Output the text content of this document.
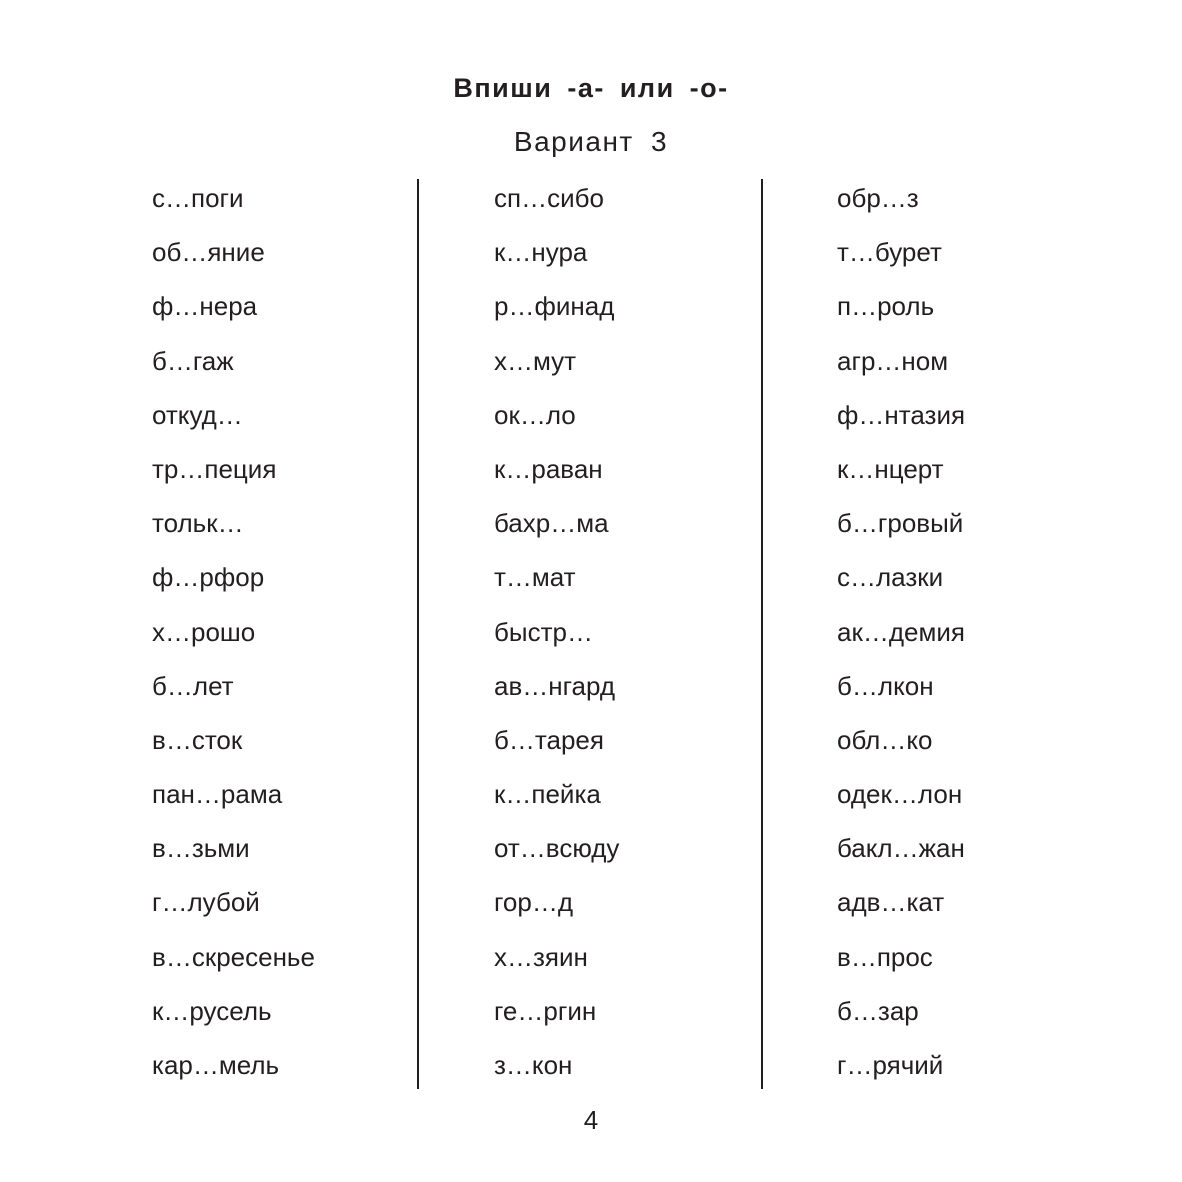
Впиши -а- или -о-
Вариант 3
с…поги
об…яние
ф…нера
б…гаж
откуд…
тр…пеция
тольк…
ф…рфор
х…рошо
б…лет
в…сток
пан…рама
в…зьми
г…лубой
в…скресенье
к…русель
кар…мель
сп…сибо
к…нура
р…финад
х…мут
ок…ло
к…раван
бахр…ма
т…мат
быстр…
ав…нгард
б…тарея
к…пейка
от…всюду
гор…д
х…зяин
ге…ргин
з…кон
обр…з
т…бурет
п…роль
агр…ном
ф…нтазия
к…нцерт
б…гровый
с…лазки
ак…демия
б…лкон
обл…ко
одек…лон
бакл…жан
адв…кат
в…прос
б…зар
г…рячий
4
